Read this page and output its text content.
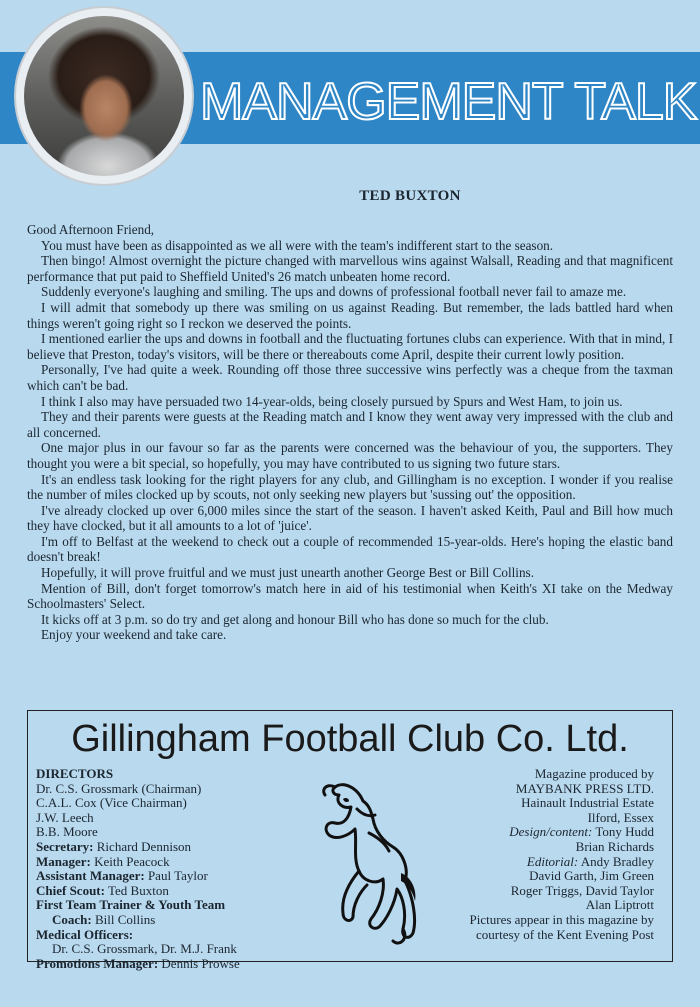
MANAGEMENT TALK
TED BUXTON

Good Afternoon Friend,

You must have been as disappointed as we all were with the team's indifferent start to the season.

Then bingo! Almost overnight the picture changed with marvellous wins against Walsall, Reading and that magnificent performance that put paid to Sheffield United's 26 match unbeaten home record.

Suddenly everyone's laughing and smiling. The ups and downs of professional football never fail to amaze me.

I will admit that somebody up there was smiling on us against Reading. But remember, the lads battled hard when things weren't going right so I reckon we deserved the points.

I mentioned earlier the ups and downs in football and the fluctuating fortunes clubs can experience. With that in mind, I believe that Preston, today's visitors, will be there or thereabouts come April, despite their current lowly position.

Personally, I've had quite a week. Rounding off those three successive wins perfectly was a cheque from the taxman which can't be bad.

I think I also may have persuaded two 14-year-olds, being closely pursued by Spurs and West Ham, to join us.

They and their parents were guests at the Reading match and I know they went away very impressed with the club and all concerned.

One major plus in our favour so far as the parents were concerned was the behaviour of you, the supporters. They thought you were a bit special, so hopefully, you may have contributed to us signing two future stars.

It's an endless task looking for the right players for any club, and Gillingham is no exception. I wonder if you realise the number of miles clocked up by scouts, not only seeking new players but 'sussing out' the opposition.

I've already clocked up over 6,000 miles since the start of the season. I haven't asked Keith, Paul and Bill how much they have clocked, but it all amounts to a lot of 'juice'.

I'm off to Belfast at the weekend to check out a couple of recommended 15-year-olds. Here's hoping the elastic band doesn't break!

Hopefully, it will prove fruitful and we must just unearth another George Best or Bill Collins.

Mention of Bill, don't forget tomorrow's match here in aid of his testimonial when Keith's XI take on the Medway Schoolmasters' Select.

It kicks off at 3 p.m. so do try and get along and honour Bill who has done so much for the club.

Enjoy your weekend and take care.

Gillingham Football Club Co. Ltd.
DIRECTORS
Dr. C.S. Grossmark (Chairman)
C.A.L. Cox (Vice Chairman)
J.W. Leech
B.B. Moore
Secretary: Richard Dennison
Manager: Keith Peacock
Assistant Manager: Paul Taylor
Chief Scout: Ted Buxton
First Team Trainer & Youth Team
Coach: Bill Collins
Medical Officers:
Dr. C.S. Grossmark, Dr. M.J. Frank
Promotions Manager: Dennis Prowse
Magazine produced by
MAYBANK PRESS LTD.
Hainault Industrial Estate
Ilford, Essex
Design/content: Tony Hudd
Brian Richards
Editorial: Andy Bradley
David Garth, Jim Green
Roger Triggs, David Taylor
Alan Liptrott
Pictures appear in this magazine by
courtesy of the Kent Evening Post
